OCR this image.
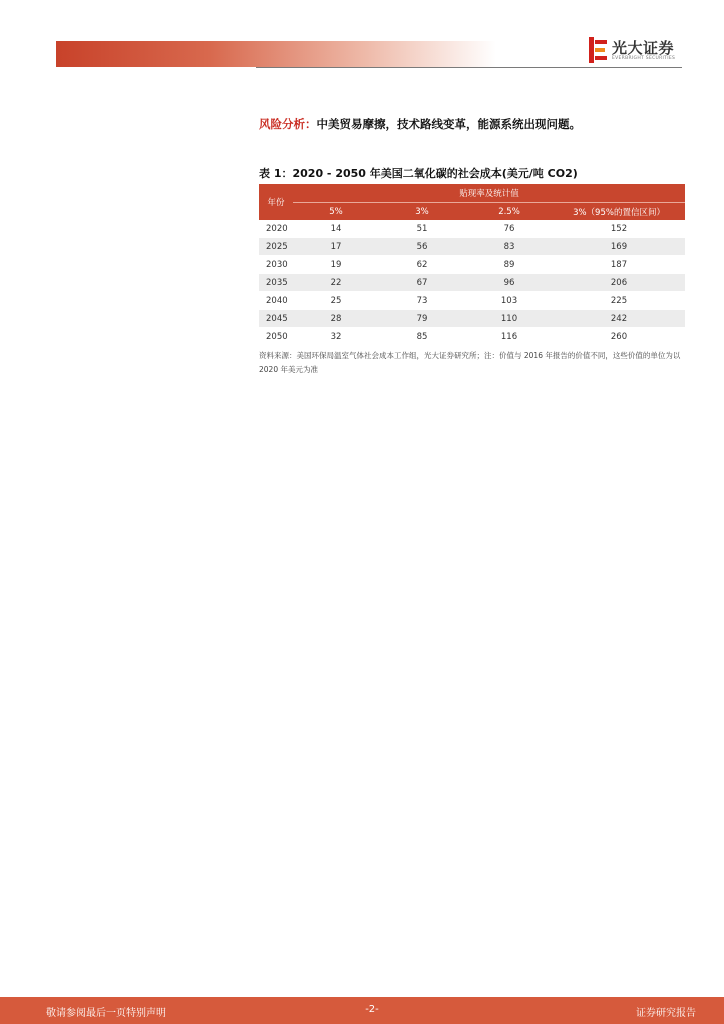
光大证券
EVERBRIGHT SECURITIES
风险分析：中美贸易摩擦，技术路线变革，能源系统出现问题。
表 1：2020 - 2050 年美国二氧化碳的社会成本(美元/吨 CO2)
年份	贴现率及统计值			
	5%	3%	2.5%	3%（95%的置信区间）
2020	14	51	76	152
2025	17	56	83	169
2030	19	62	89	187
2035	22	67	96	206
2040	25	73	103	225
2045	28	79	110	242
2050	32	85	116	260
资料来源：美国环保局温室气体社会成本工作组，光大证券研究所；注：价值与 2016 年报告的价值不同，这些价值的单位为以 2020 年美元为准
敬请参阅最后一页特别声明	-2-	证券研究报告
